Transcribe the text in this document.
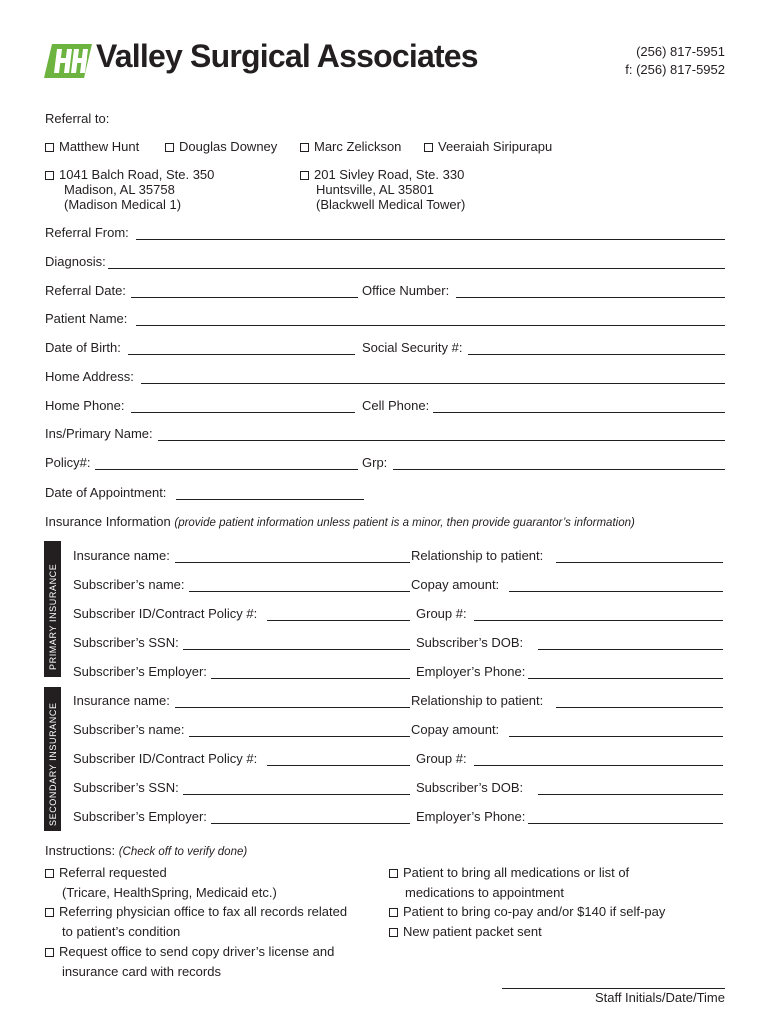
Valley Surgical Associates	(256) 817-5951
f: (256) 817-5952
Referral to:
Matthew Hunt	Douglas Downey	Marc Zelickson	Veeraiah Siripurapu
1041 Balch Road, Ste. 350
Madison, AL 35758
(Madison Medical 1)
201 Sivley Road, Ste. 330
Huntsville, AL 35801
(Blackwell Medical Tower)
Referral From:
Diagnosis:
Referral Date:	Office Number:
Patient Name:
Date of Birth:	Social Security #:
Home Address:
Home Phone:	Cell Phone:
Ins/Primary Name:
Policy#:	Grp:
Date of Appointment:
Insurance Information (provide patient information unless patient is a minor, then provide guarantor’s information)
PRIMARY INSURANCE
SECONDARY INSURANCE
Insurance name:	Relationship to patient:
Subscriber’s name:	Copay amount:
Subscriber ID/Contract Policy #:	Group #:
Subscriber’s SSN:	Subscriber’s DOB:
Subscriber’s Employer:	Employer’s Phone:
Insurance name:	Relationship to patient:
Subscriber’s name:	Copay amount:
Subscriber ID/Contract Policy #:	Group #:
Subscriber’s SSN:	Subscriber’s DOB:
Subscriber’s Employer:	Employer’s Phone:
Instructions: (Check off to verify done)
Referral requested
(Tricare, HealthSpring, Medicaid etc.)
Referring physician office to fax all records related
to patient’s condition
Request office to send copy driver’s license and
insurance card with records
Patient to bring all medications or list of
medications to appointment
Patient to bring co-pay and/or $140 if self-pay
New patient packet sent
Staff Initials/Date/Time
